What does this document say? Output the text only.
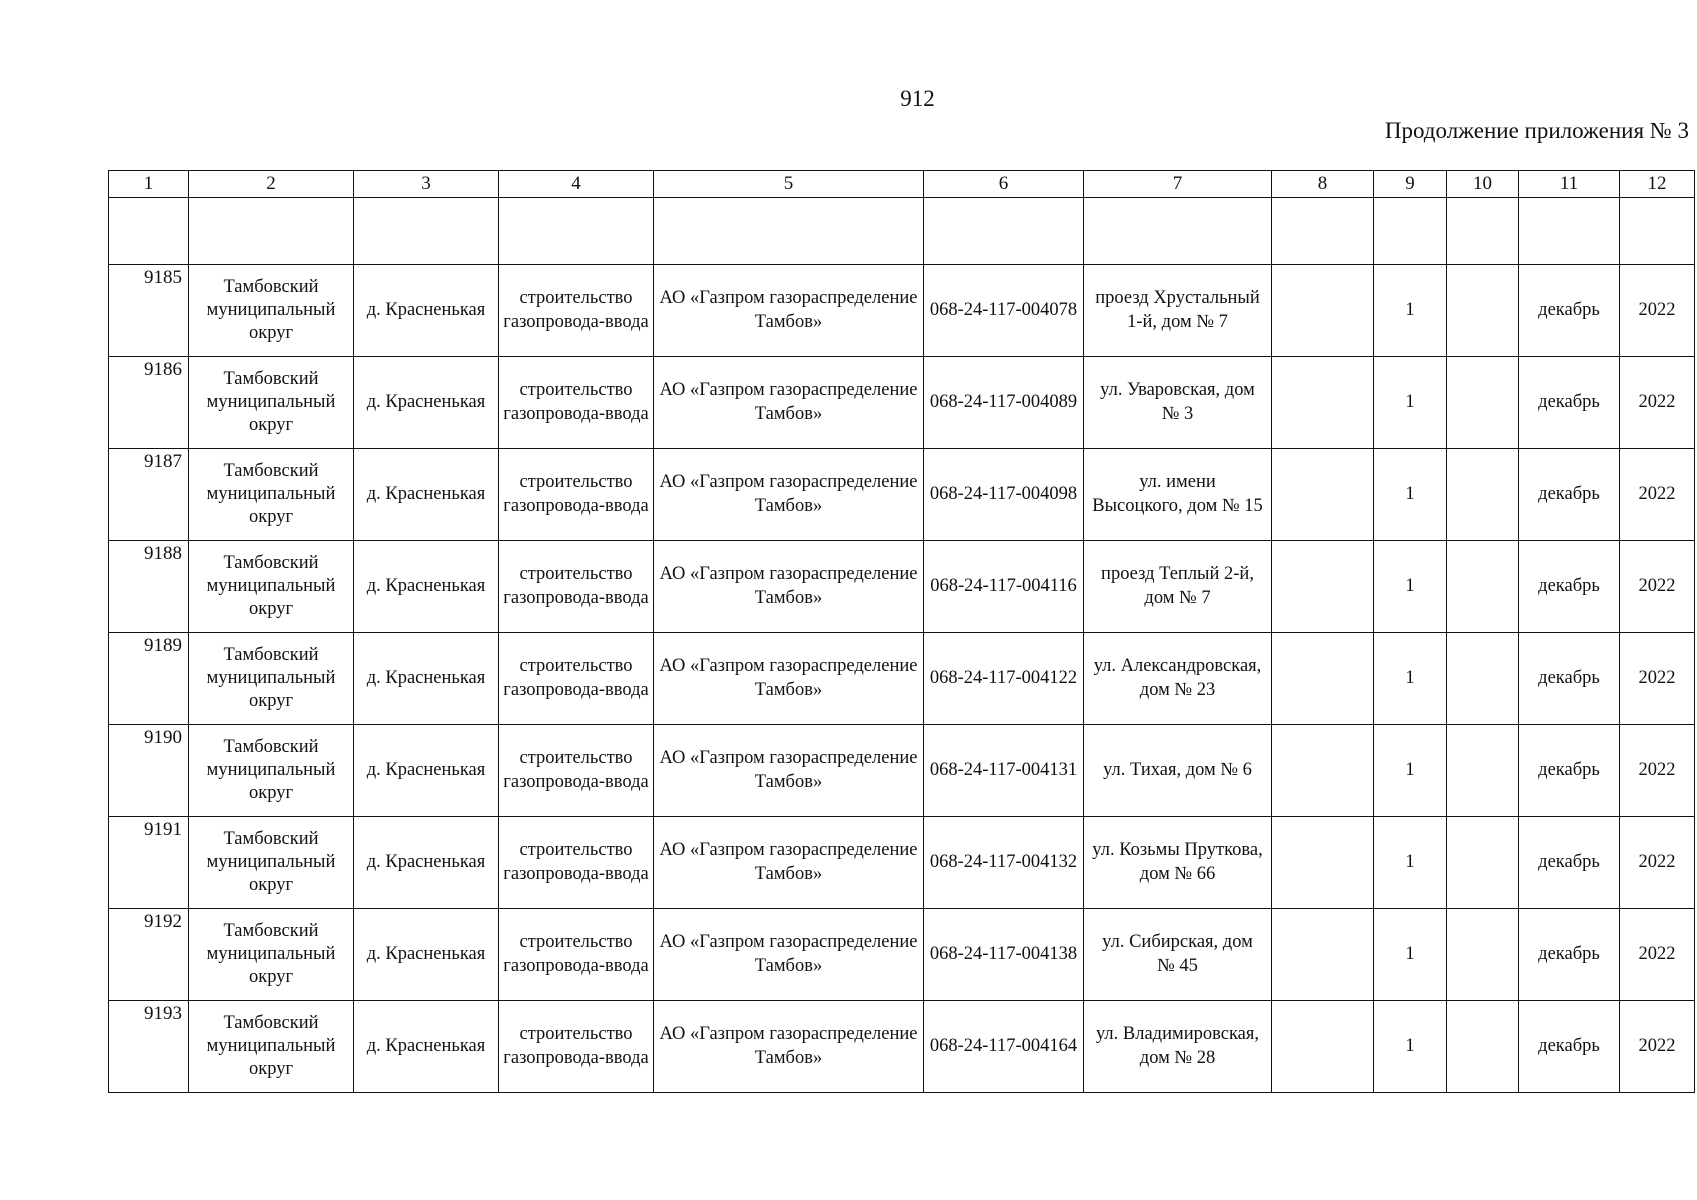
912
Продолжение приложения № 3
1	2	3	4	5	6	7	8	9	10	11	12

9185	Тамбовский муниципальный округ	д. Красненькая	строительство газопровода-ввода	АО «Газпром газораспределение Тамбов»	068-24-117-004078	проезд Хрустальный 1-й, дом № 7		1		декабрь	2022
9186	Тамбовский муниципальный округ	д. Красненькая	строительство газопровода-ввода	АО «Газпром газораспределение Тамбов»	068-24-117-004089	ул. Уваровская, дом № 3		1		декабрь	2022
9187	Тамбовский муниципальный округ	д. Красненькая	строительство газопровода-ввода	АО «Газпром газораспределение Тамбов»	068-24-117-004098	ул. имени Высоцкого, дом № 15		1		декабрь	2022
9188	Тамбовский муниципальный округ	д. Красненькая	строительство газопровода-ввода	АО «Газпром газораспределение Тамбов»	068-24-117-004116	проезд Теплый 2-й, дом № 7		1		декабрь	2022
9189	Тамбовский муниципальный округ	д. Красненькая	строительство газопровода-ввода	АО «Газпром газораспределение Тамбов»	068-24-117-004122	ул. Александровская, дом № 23		1		декабрь	2022
9190	Тамбовский муниципальный округ	д. Красненькая	строительство газопровода-ввода	АО «Газпром газораспределение Тамбов»	068-24-117-004131	ул. Тихая, дом № 6		1		декабрь	2022
9191	Тамбовский муниципальный округ	д. Красненькая	строительство газопровода-ввода	АО «Газпром газораспределение Тамбов»	068-24-117-004132	ул. Козьмы Пруткова, дом № 66		1		декабрь	2022
9192	Тамбовский муниципальный округ	д. Красненькая	строительство газопровода-ввода	АО «Газпром газораспределение Тамбов»	068-24-117-004138	ул. Сибирская, дом № 45		1		декабрь	2022
9193	Тамбовский муниципальный округ	д. Красненькая	строительство газопровода-ввода	АО «Газпром газораспределение Тамбов»	068-24-117-004164	ул. Владимировская, дом № 28		1		декабрь	2022
